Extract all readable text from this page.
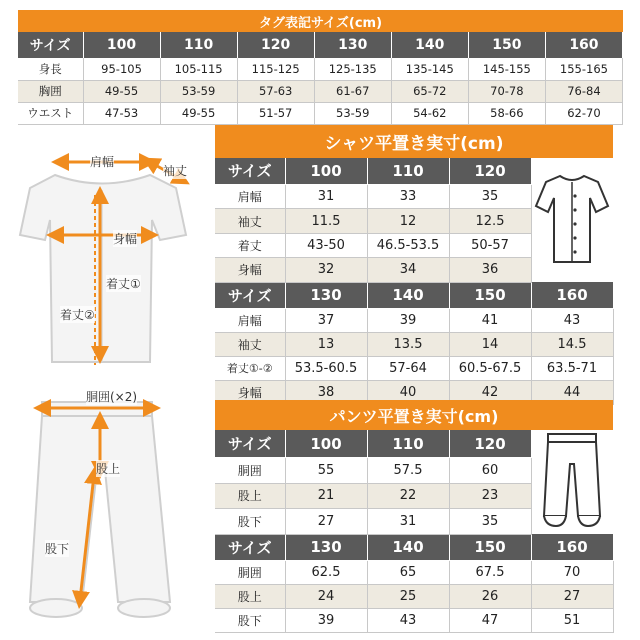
タグ表記サイズ(cm)
サイズ	100	110	120	130	140	150	160
身長	95-105	105-115	115-125	125-135	135-145	145-155	155-165
胸囲	49-55	53-59	57-63	61-67	65-72	70-78	76-84
ウエスト	47-53	49-55	51-57	53-59	54-62	58-66	62-70
シャツ平置き実寸(cm)
サイズ	100	110	120	
肩幅	31	33	35	
袖丈	11.5	12	12.5	
着丈	43-50	46.5-53.5	50-57	
身幅	32	34	36	
サイズ	130	140	150	160
肩幅	37	39	41	43
袖丈	13	13.5	14	14.5
着丈①-②	53.5-60.5	57-64	60.5-67.5	63.5-71
身幅	38	40	42	44
パンツ平置き実寸(cm)
サイズ	100	110	120	
胴囲	55	57.5	60	
股上	21	22	23	
股下	27	31	35	
サイズ	130	140	150	160
胴囲	62.5	65	67.5	70
股上	24	25	26	27
股下	39	43	47	51
肩幅
袖丈
身幅
着丈①
着丈②
胴囲(×2)
股上
股下
